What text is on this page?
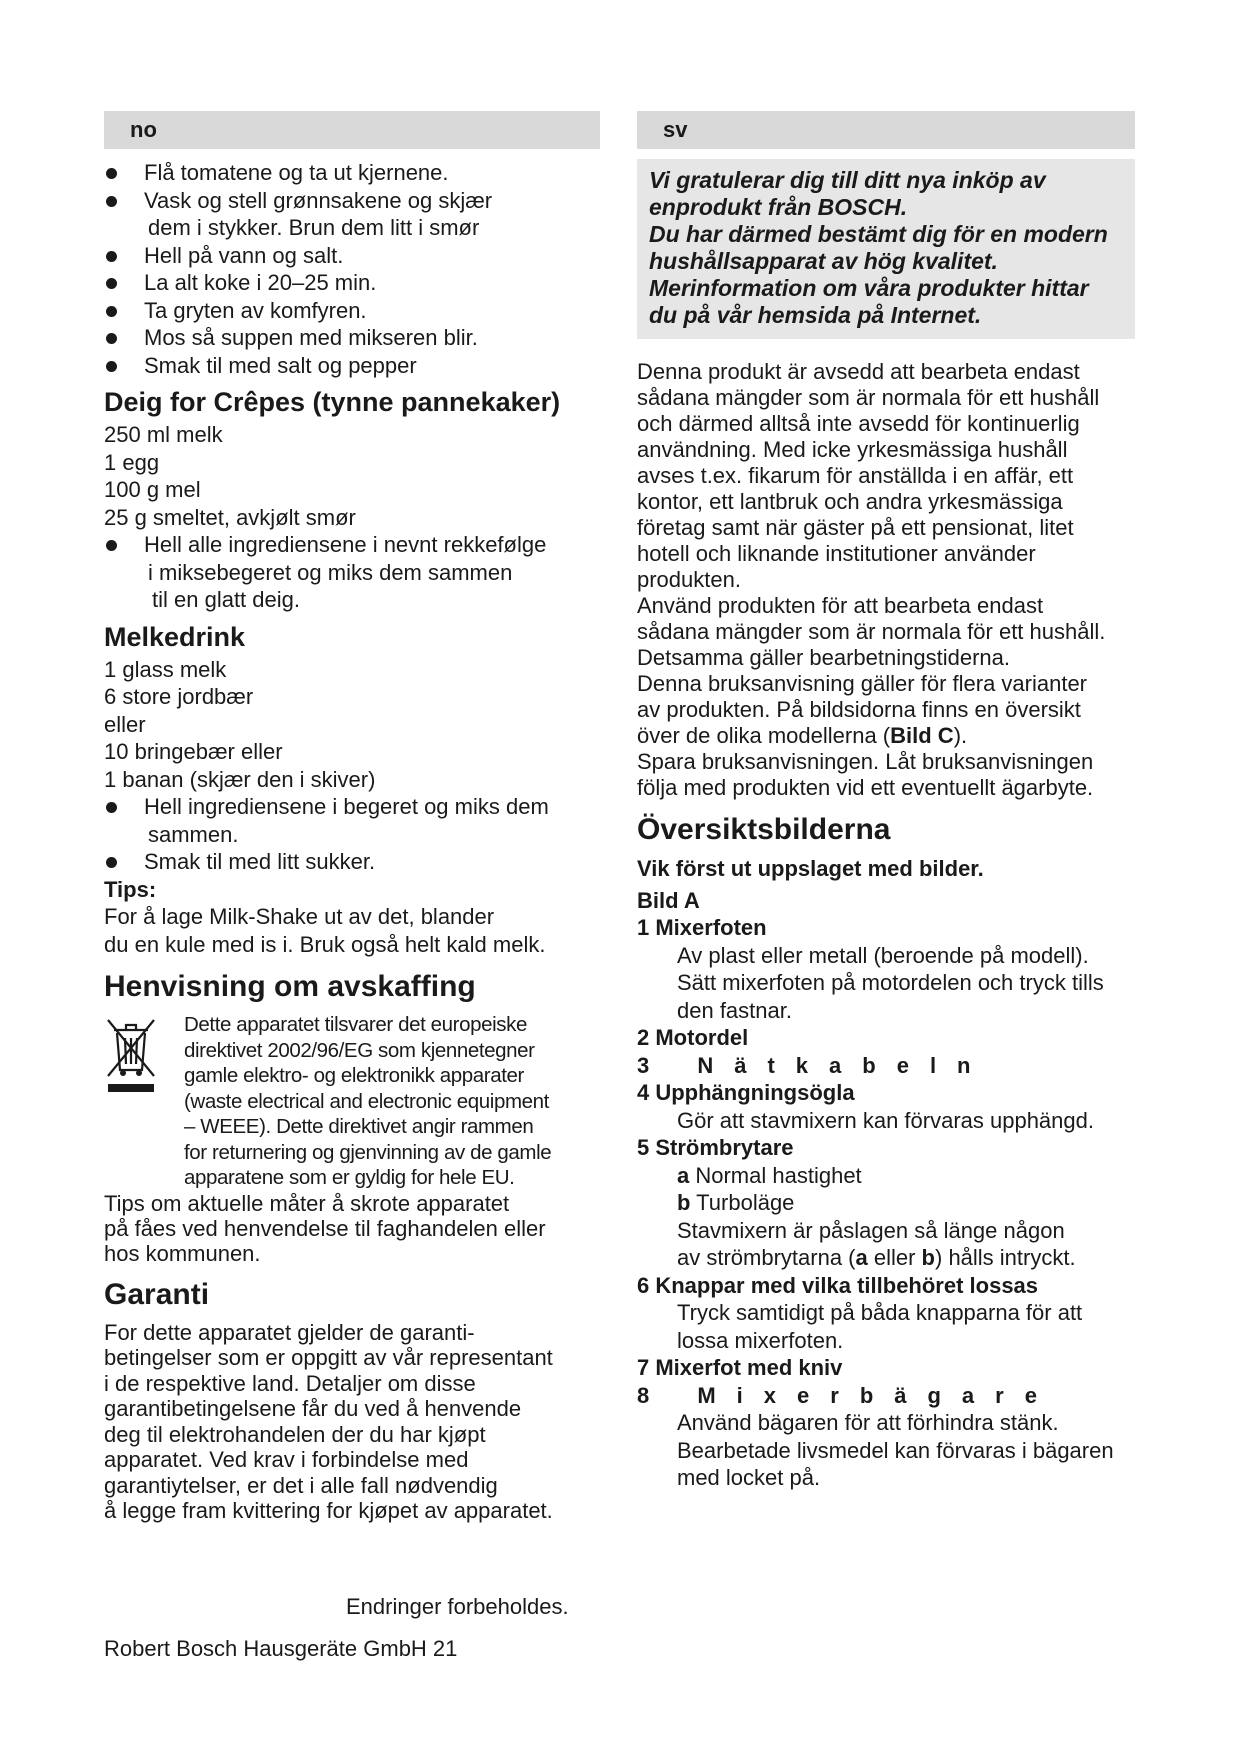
no

Flå tomatene og ta ut kjernene.

Vask og stell grønnsakene og skjær
dem i stykker. Brun dem litt i smør

Hell på vann og salt.

La alt koke i 20–25 min.

Ta gryten av komfyren.

Mos så suppen med mikseren blir.

Smak til med salt og pepper

Deig for Crêpes (tynne pannekaker)

250 ml melk

1 egg

100 g mel

25 g smeltet, avkjølt smør

Hell alle ingrediensene i nevnt rekkefølge
i miksebegeret og miks dem sammen
til en glatt deig.

Melkedrink

1 glass melk

6 store jordbær

eller

10 bringebær eller

1 banan (skjær den i skiver)

Hell ingrediensene i begeret og miks dem
sammen.

Smak til med litt sukker.

Tips:

For å lage Milk-Shake ut av det, blander

du en kule med is i. Bruk også helt kald melk.

Henvisning om avskaffing
Dette apparatet tilsvarer det europeiske
direktivet 2002/96/EG som kjennetegner
gamle elektro- og elektronikk apparater
(waste electrical and electronic equipment
– WEEE). Dette direktivet angir rammen
for returnering og gjenvinning av de gamle
apparatene som er gyldig for hele EU.

Tips om aktuelle måter å skrote apparatet

på fåes ved henvendelse til faghandelen eller

hos kommunen.

Garanti
For dette apparatet gjelder de garanti-
betingelser som er oppgitt av vår representant
i de respektive land. Detaljer om disse
garantibetingelsene får du ved å henvende
deg til elektrohandelen der du har kjøpt
apparatet. Ved krav i forbindelse med
garantiytelser, er det i alle fall nødvendig
å legge fram kvittering for kjøpet av apparatet.
sv
Vi gratulerar dig till ditt nya inköp av
enprodukt från BOSCH.
Du har därmed bestämt dig för en modern
hushållsapparat av hög kvalitet.
Merinformation om våra produkter hittar
du på vår hemsida på Internet.
Denna produkt är avsedd att bearbeta endast
sådana mängder som är normala för ett hushåll
och därmed alltså inte avsedd för kontinuerlig
användning. Med icke yrkesmässiga hushåll
avses t.ex. fikarum för anställda i en affär, ett
kontor, ett lantbruk och andra yrkesmässiga
företag samt när gäster på ett pensionat, litet
hotell och liknande institutioner använder
produkten.
Använd produkten för att bearbeta endast
sådana mängder som är normala för ett hushåll.
Detsamma gäller bearbetningstiderna.
Denna bruksanvisning gäller för flera varianter
av produkten. På bildsidorna finns en översikt
över de olika modellerna (Bild C).
Spara bruksanvisningen. Låt bruksanvisningen
följa med produkten vid ett eventuellt ägarbyte.
Översiktsbilderna

Vik först ut uppslaget med bilder.

Bild A

1 Mixerfoten

Av plast eller metall (beroende på modell).

Sätt mixerfoten på motordelen och tryck tills

den fastnar.

2 Motordel

3 Nätkabeln

4 Upphängningsögla

Gör att stavmixern kan förvaras upphängd.

5 Strömbrytare

a Normal hastighet

b Turboläge

Stavmixern är påslagen så länge någon

av strömbrytarna (a eller b) hålls intryckt.

6 Knappar med vilka tillbehöret lossas

Tryck samtidigt på båda knapparna för att

lossa mixerfoten.

7 Mixerfot med kniv

8 Mixerbägare

Använd bägaren för att förhindra stänk.

Bearbetade livsmedel kan förvaras i bägaren

med locket på.

Endringer forbeholdes.
Robert Bosch Hausgeräte GmbH 21
